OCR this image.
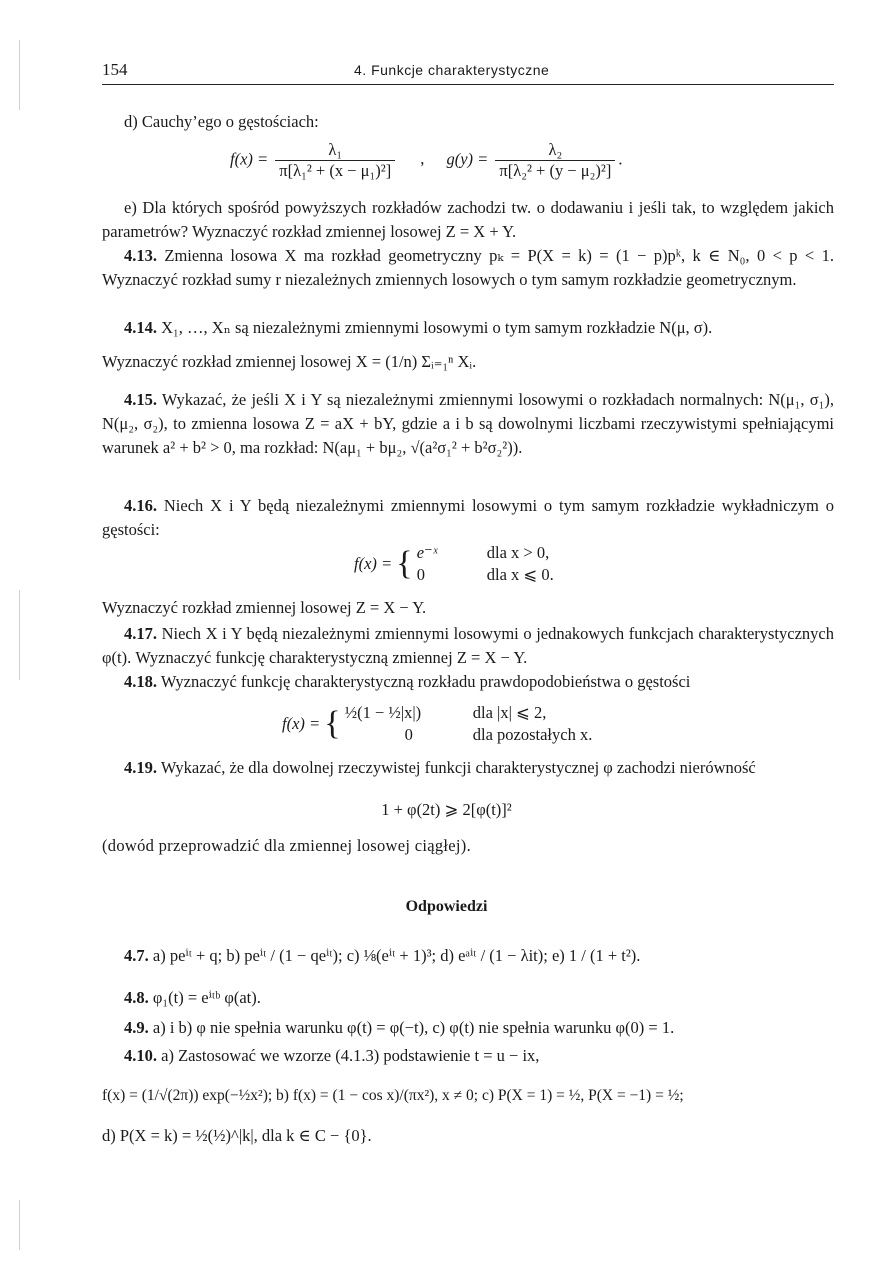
154	4. Funkcje charakterystyczne
d) Cauchy’ego o gęstościach:
$f(x) = \frac{\text{λ₁}}{\text{π[λ₁² + (x − μ₁)²]}}$ , $g(y) = \frac{\text{λ₂}}{\text{π[λ₂² + (y − μ₂)²]}}$ .
e) Dla których spośród powyższych rozkładów zachodzi tw. o dodawaniu i jeśli tak, to względem jakich parametrów? Wyznaczyć rozkład zmiennej losowej Z = X + Y.
4.13. Zmienna losowa X ma rozkład geometryczny pₖ = P(X = k) = (1 − p)pᵏ, k ∈ N₀, 0 < p < 1. Wyznaczyć rozkład sumy r niezależnych zmiennych losowych o tym samym rozkładzie geometrycznym.
4.14. X₁, …, Xₙ są niezależnymi zmiennymi losowymi o tym samym rozkładzie N(μ, σ).
Wyznaczyć rozkład zmiennej losowej X = (1/n) Σᵢ₌₁ⁿ Xᵢ.
4.15. Wykazać, że jeśli X i Y są niezależnymi zmiennymi losowymi o rozkładach normalnych: N(μ₁, σ₁), N(μ₂, σ₂), to zmienna losowa Z = aX + bY, gdzie a i b są dowolnymi liczbami rzeczywistymi spełniającymi warunek a² + b² > 0, ma rozkład: N(aμ₁ + bμ₂, √(a²σ₁² + b²σ₂²)).
4.16. Niech X i Y będą niezależnymi zmiennymi losowymi o tym samym rozkładzie wykładniczym o gęstości:
f(x) = { e⁻ˣ	dla x > 0,
0	dla x ⩽ 0.
Wyznaczyć rozkład zmiennej losowej Z = X − Y.
4.17. Niech X i Y będą niezależnymi zmiennymi losowymi o jednakowych funkcjach charakterystycznych φ(t). Wyznaczyć funkcję charakterystyczną zmiennej Z = X − Y.
4.18. Wyznaczyć funkcję charakterystyczną rozkładu prawdopodobieństwa o gęstości
f(x) = { ½(1 − ½|x|)	dla |x| ⩽ 2,
0	dla pozostałych x.
4.19. Wykazać, że dla dowolnej rzeczywistej funkcji charakterystycznej φ zachodzi nierówność
1 + φ(2t) ⩾ 2[φ(t)]²
(dowód przeprowadzić dla zmiennej losowej ciągłej).
Odpowiedzi
4.7. a) peⁱᵗ + q; b) peⁱᵗ / (1 − qeⁱᵗ); c) ⅛(eⁱᵗ + 1)³; d) eᵃⁱᵗ / (1 − λit); e) 1 / (1 + t²).
4.8. φ₁(t) = eⁱᵗᵇ φ(at).
4.9. a) i b) φ nie spełnia warunku φ(t) = φ(−t), c) φ(t) nie spełnia warunku φ(0) = 1.
4.10. a) Zastosować we wzorze (4.1.3) podstawienie t = u − ix,
f(x) = (1/√(2π)) exp(−½x²); b) f(x) = (1 − cos x)/(πx²), x ≠ 0; c) P(X = 1) = ½, P(X = −1) = ½;
d) P(X = k) = ½(½)^|k|, dla k ∈ C − {0}.
